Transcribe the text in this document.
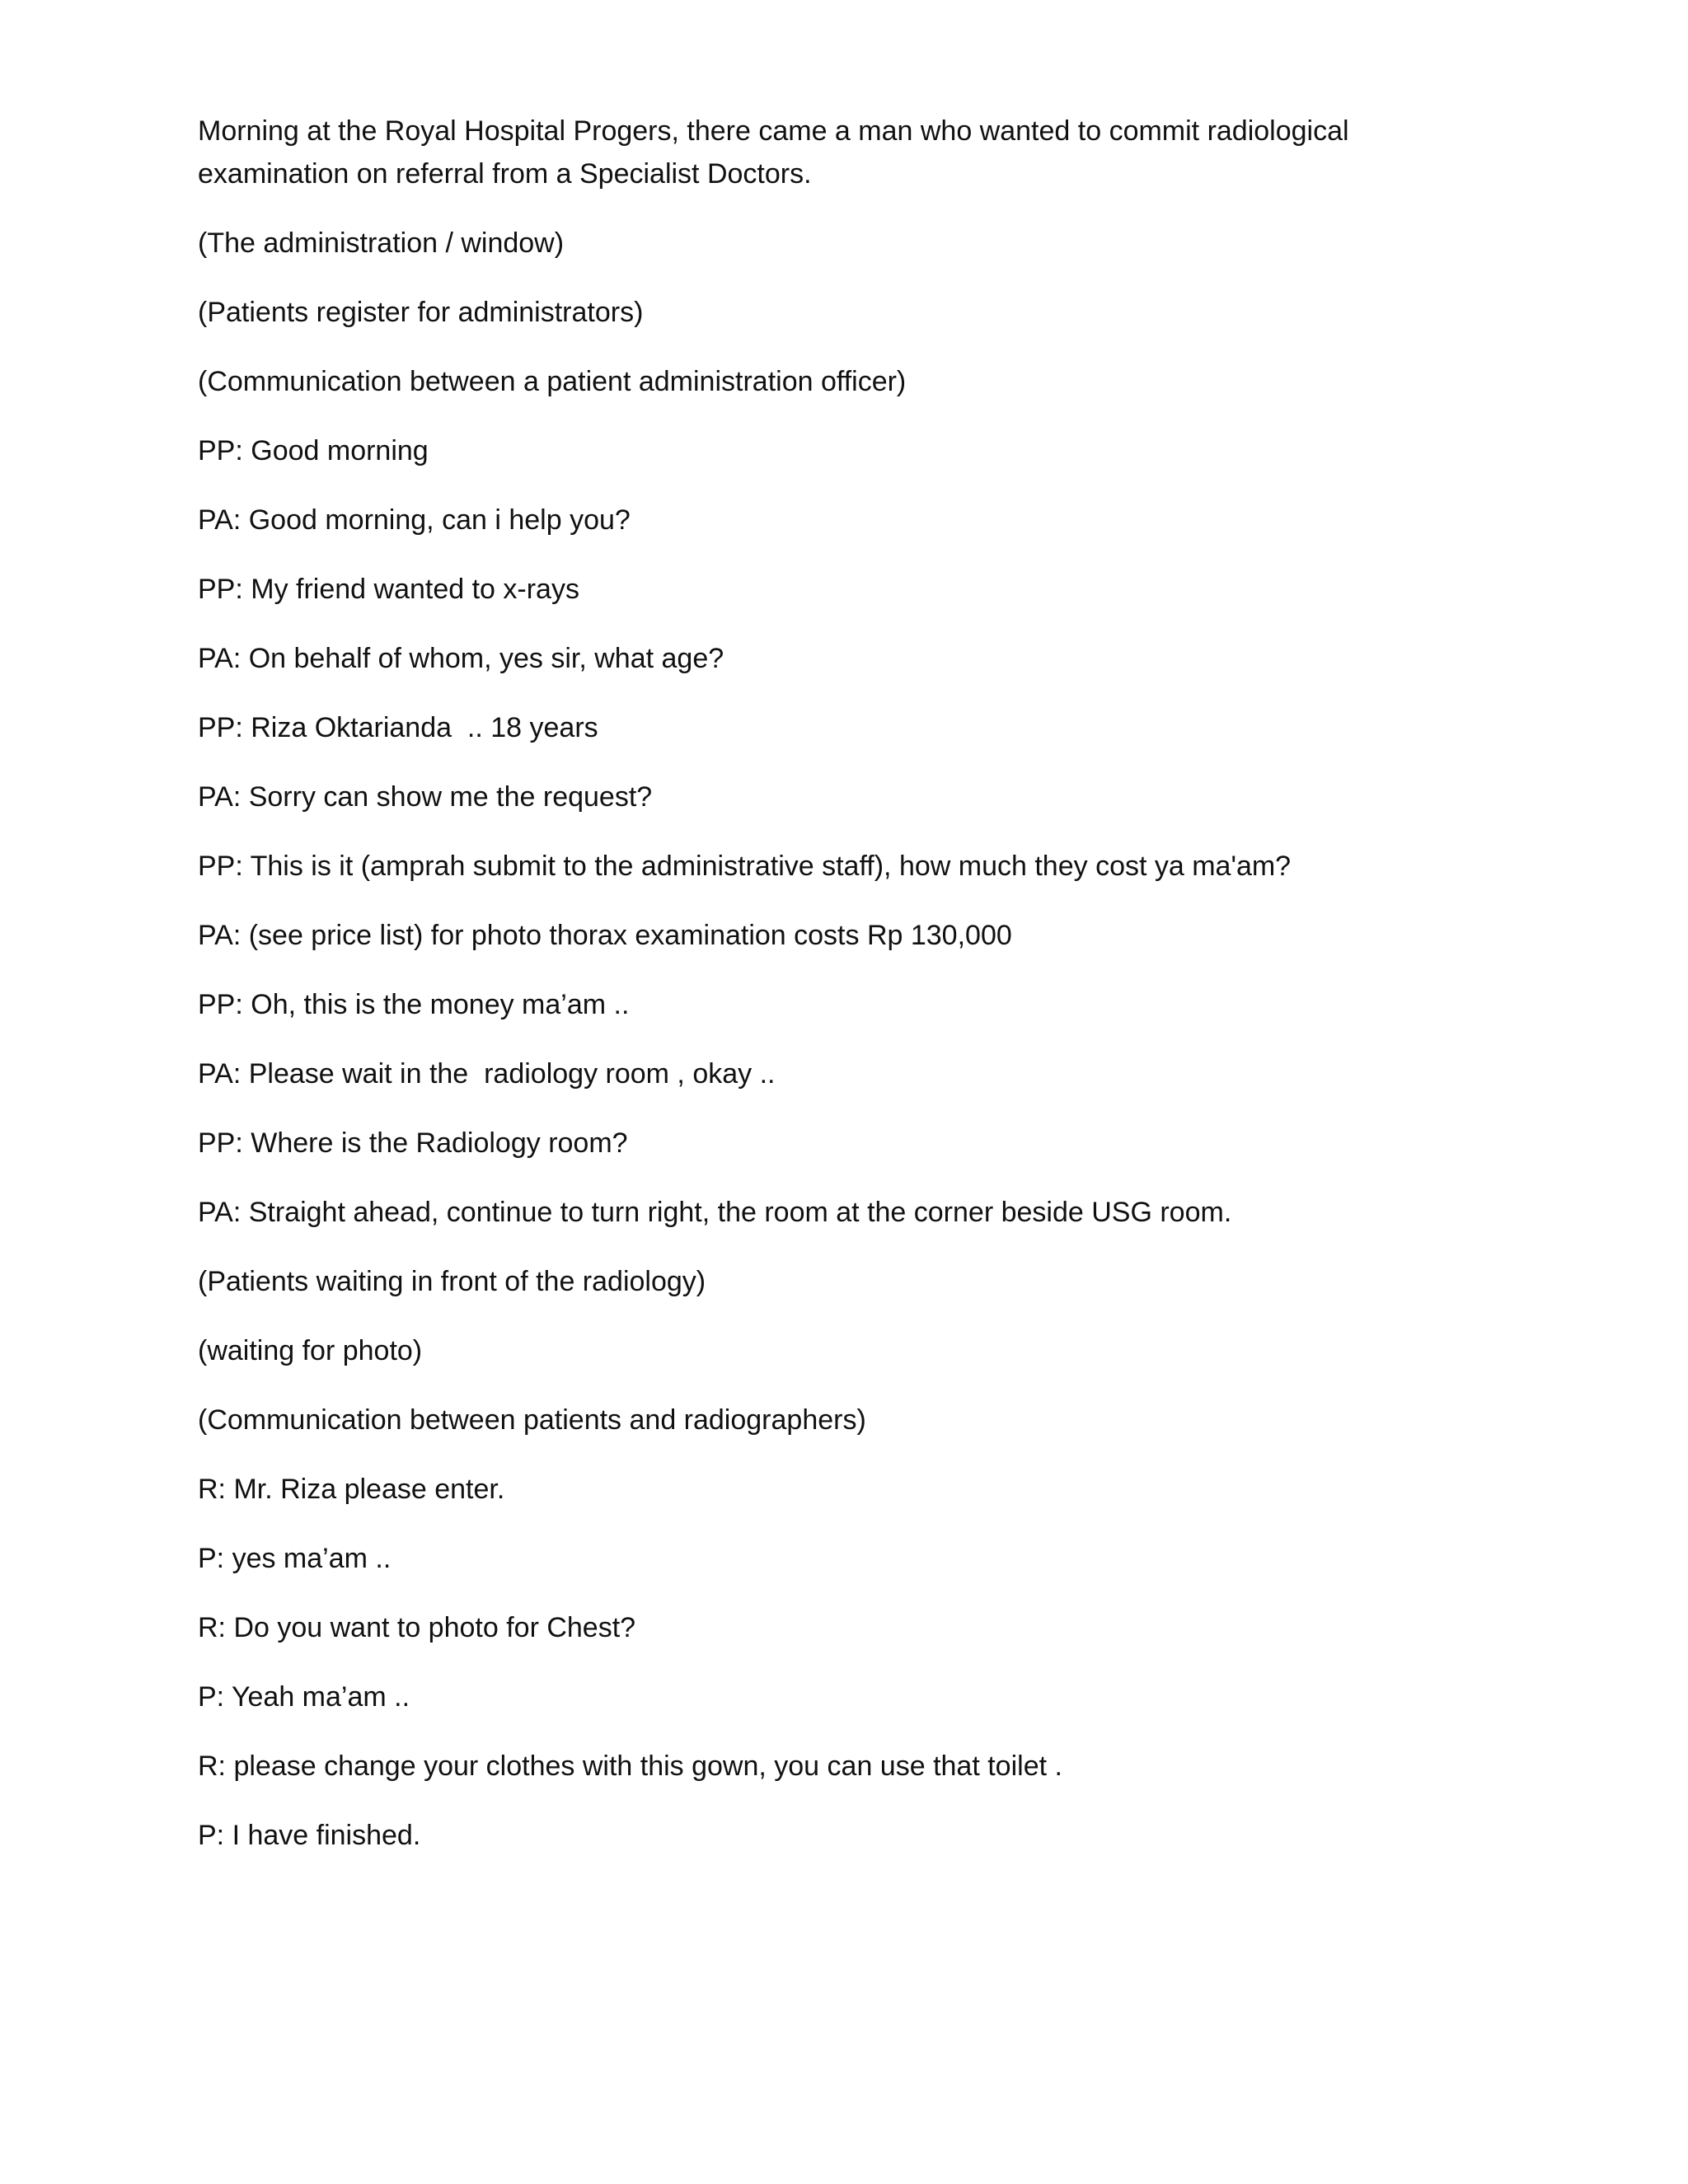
Morning at the Royal Hospital Progers, there came a man who wanted to commit radiological examination on referral from a Specialist Doctors.

(The administration / window)

(Patients register for administrators)

(Communication between a patient administration officer)

PP: Good morning

PA: Good morning, can i help you?

PP: My friend wanted to x-rays

PA: On behalf of whom, yes sir, what age?

PP: Riza Oktarianda  .. 18 years

PA: Sorry can show me the request?

PP: This is it (amprah submit to the administrative staff), how much they cost ya ma'am?

PA: (see price list) for photo thorax examination costs Rp 130,000

PP: Oh, this is the money ma’am ..

PA: Please wait in the  radiology room , okay ..

PP: Where is the Radiology room?

PA: Straight ahead, continue to turn right, the room at the corner beside USG room.

(Patients waiting in front of the radiology)

(waiting for photo)

(Communication between patients and radiographers)

R: Mr. Riza please enter.

P: yes ma’am ..

R: Do you want to photo for Chest?

P: Yeah ma’am ..

R: please change your clothes with this gown, you can use that toilet .

P: I have finished.
